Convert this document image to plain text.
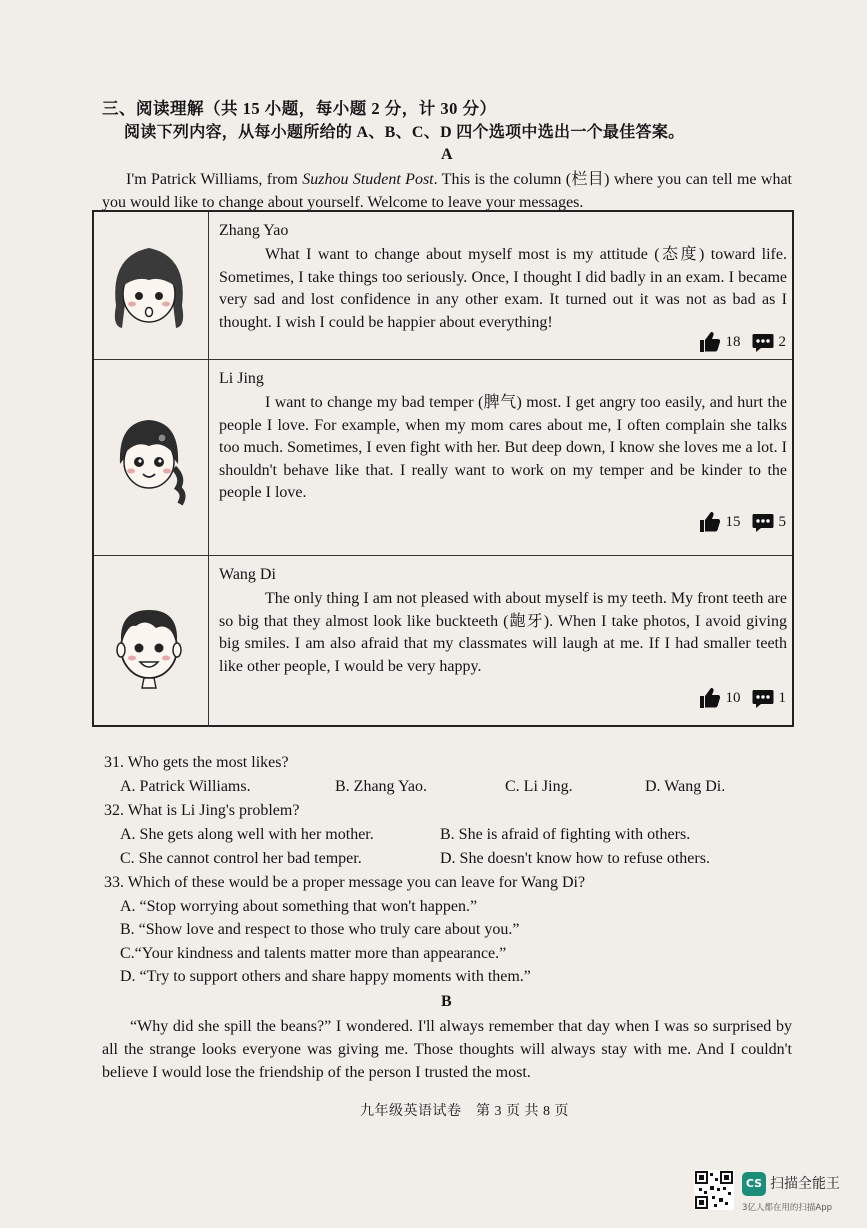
三、阅读理解（共 15 小题，每小题 2 分，计 30 分）
阅读下列内容，从每小题所给的 A、B、C、D 四个选项中选出一个最佳答案。
A
I'm Patrick Williams, from Suzhou Student Post. This is the column (栏目) where you can tell me what you would like to change about yourself. Welcome to leave your messages.
Zhang Yao
What I want to change about myself most is my attitude (态度) toward life. Sometimes, I take things too seriously. Once, I thought I did badly in an exam. I became very sad and lost confidence in any other exam. It turned out it was not as bad as I thought. I wish I could be happier about everything!
18	2
Li Jing
I want to change my bad temper (脾气) most. I get angry too easily, and hurt the people I love. For example, when my mom cares about me, I often complain she talks too much. Sometimes, I even fight with her. But deep down, I know she loves me a lot. I shouldn't behave like that. I really want to work on my temper and be kinder to the people I love.
15	5
Wang Di
The only thing I am not pleased with about myself is my teeth. My front teeth are so big that they almost look like buckteeth (龅牙). When I take photos, I avoid giving big smiles. I am also afraid that my classmates will laugh at me. If I had smaller teeth like other people, I would be very happy.
10	1
31. Who gets the most likes?
A. Patrick Williams.	B. Zhang Yao.	C. Li Jing.	D. Wang Di.
32. What is Li Jing's problem?
A. She gets along well with her mother.	B. She is afraid of fighting with others.
C. She cannot control her bad temper.	D. She doesn't know how to refuse others.
33. Which of these would be a proper message you can leave for Wang Di?
A. “Stop worrying about something that won't happen.”
B. “Show love and respect to those who truly care about you.”
C.“Your kindness and talents matter more than appearance.”
D. “Try to support others and share happy moments with them.”
B
“Why did she spill the beans?” I wondered. I'll always remember that day when I was so surprised by all the strange looks everyone was giving me. Those thoughts will always stay with me. And I couldn't believe I would lose the friendship of the person I trusted the most.
九年级英语试卷　第 3 页 共 8 页
CS 扫描全能王
3亿人都在用的扫描App
